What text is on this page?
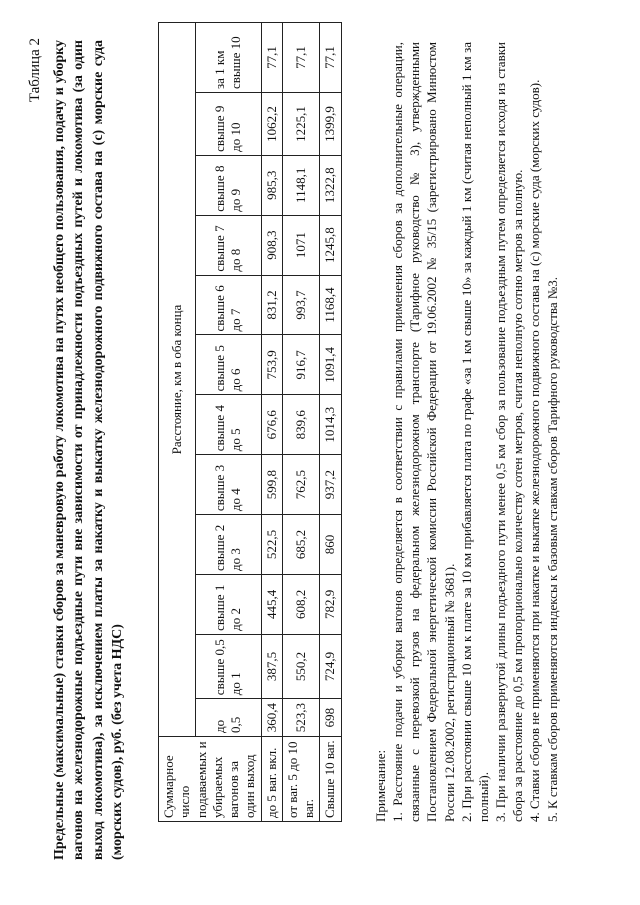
Таблица 2 Предельные (максимальные) ставки сборов за маневровую работу локомотива на путях необщего пользования, подачу и уборку вагонов на железнодорожные подъездные пути вне зависимости от принадлежности подъездных путей и локомотива (за один выход локомотива), за исключением платы за накатку и выкатку железнодорожного подвижного состава на (с) морские суда (морских судов), руб. (без учета НДС)	Суммарное число подаваемых и убираемых вагонов за один выход	Расстояние, км в оба конца											
	до 0,5	свыше 0,5 до 1	свыше 1 до 2	свыше 2 до 3	свыше 3 до 4	свыше 4 до 5	свыше 5 до 6	свыше 6 до 7	свыше 7 до 8	свыше 8 до 9	свыше 9 до 10	за 1 км свыше 10
до 5 ваг. вкл.	360,4	387,5	445,4	522,5	599,8	676,6	753,9	831,2	908,3	985,3	1062,2	77,1
от ваг. 5 до 10 ваг.	523,3	550,2	608,2	685,2	762,5	839,6	916,7	993,7	1071	1148,1	1225,1	77,1
Свыше 10 ваг.	698	724,9	782,9	860	937,2	1014,3	1091,4	1168,4	1245,8	1322,8	1399,9	77,1

Примечание: 1. Расстояние подачи и уборки вагонов определяется в соответствии с правилами применения сборов за дополнительные операции, связанные с перевозкой грузов на федеральном железнодорожном транспорте (Тарифное руководство № 3), утвержденными Постановлением Федеральной энергетической комиссии Российской Федерации от 19.06.2002 № 35/15 (зарегистрировано Минюстом России 12.08.2002, регистрационный № 3681). 2. При расстоянии свыше 10 км к плате за 10 км прибавляется плата по графе «за 1 км свыше 10» за каждый 1 км (считая неполный 1 км за полный). 3. При наличии развернутой длины подъездного пути менее 0,5 км сбор за пользование подъездным путем определяется исходя из ставки сбора за расстояние до 0,5 км пропорционально количеству сотен метров, считая неполную сотню метров за полную. 4. Ставки сборов не применяются при накатке и выкатке железнодорожного подвижного состава на (с) морские суда (морских судов). 5. К ставкам сборов применяются индексы к базовым ставкам сборов Тарифного руководства №3.
